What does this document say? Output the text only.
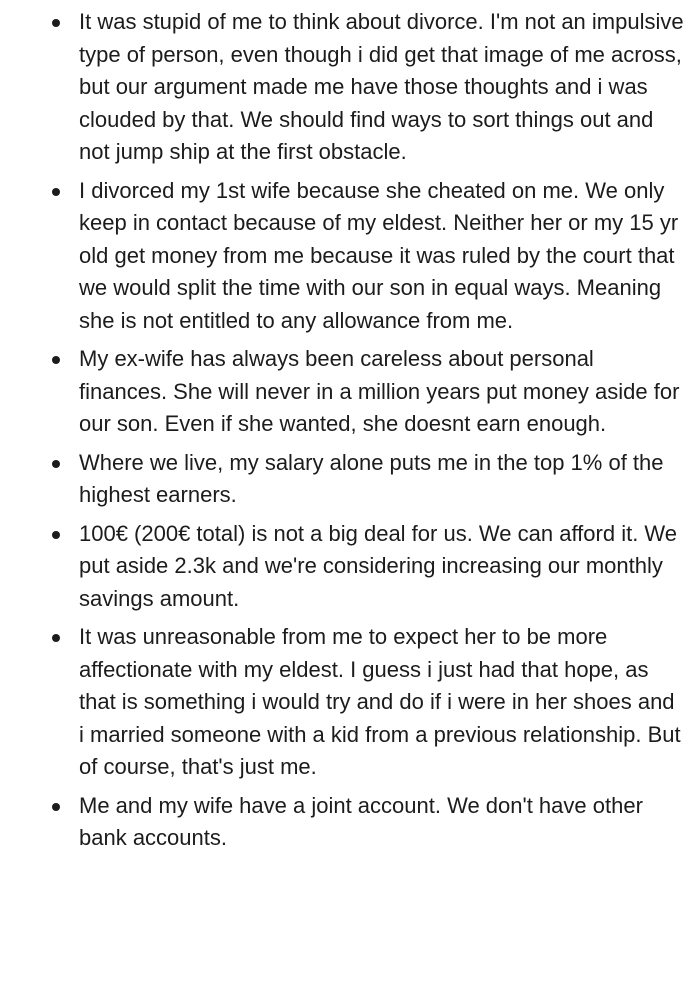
It was stupid of me to think about divorce. I'm not an impulsive type of person, even though i did get that image of me across, but our argument made me have those thoughts and i was clouded by that. We should find ways to sort things out and not jump ship at the first obstacle.
I divorced my 1st wife because she cheated on me. We only keep in contact because of my eldest. Neither her or my 15 yr old get money from me because it was ruled by the court that we would split the time with our son in equal ways. Meaning she is not entitled to any allowance from me.
My ex-wife has always been careless about personal finances. She will never in a million years put money aside for our son. Even if she wanted, she doesnt earn enough.
Where we live, my salary alone puts me in the top 1% of the highest earners.
100€ (200€ total) is not a big deal for us. We can afford it. We put aside 2.3k and we're considering increasing our monthly savings amount.
It was unreasonable from me to expect her to be more affectionate with my eldest. I guess i just had that hope, as that is something i would try and do if i were in her shoes and i married someone with a kid from a previous relationship. But of course, that's just me.
Me and my wife have a joint account. We don't have other bank accounts.
